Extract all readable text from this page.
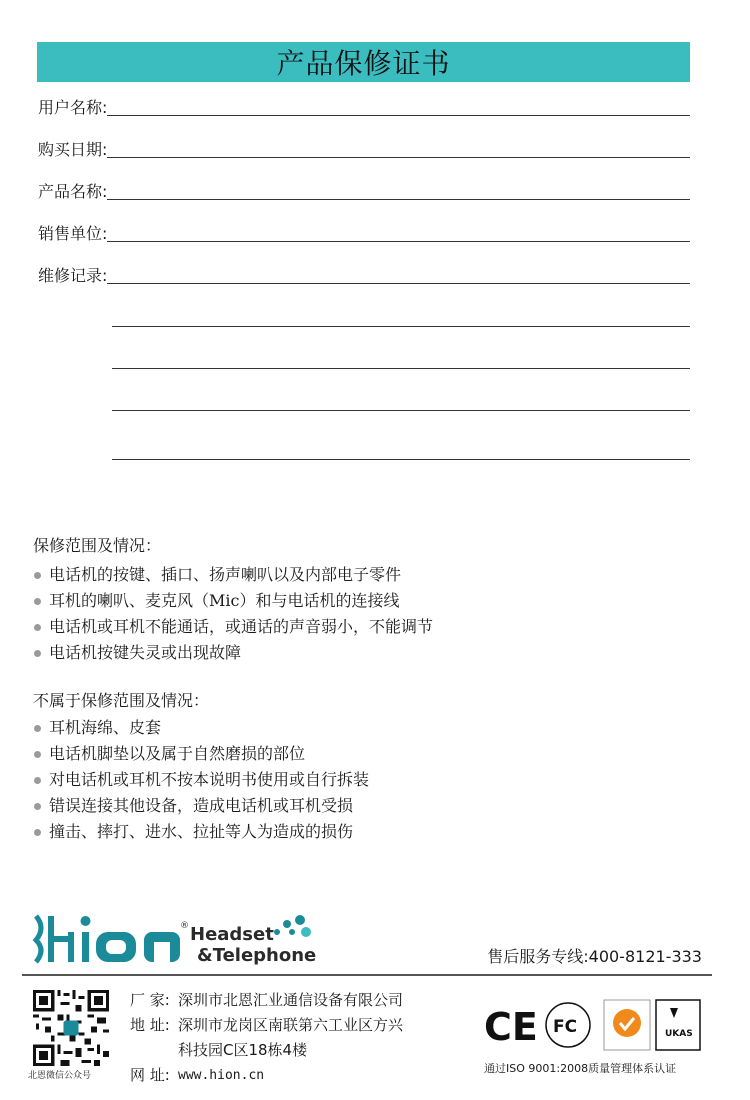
产品保修证书
用户名称:
购买日期:
产品名称:
销售单位:
维修记录:
保修范围及情况：
电话机的按键、插口、扬声喇叭以及内部电子零件
耳机的喇叭、麦克风（Mic）和与电话机的连接线
电话机或耳机不能通话，或通话的声音弱小，不能调节
电话机按键失灵或出现故障
不属于保修范围及情况：
耳机海绵、皮套
电话机脚垫以及属于自然磨损的部位
对电话机或耳机不按本说明书使用或自行拆装
错误连接其他设备，造成电话机或耳机受损
撞击、摔打、进水、拉扯等人为造成的损伤
® Headset
&Telephone	售后服务专线:400-8121-333
北恩微信公众号
厂 家: 深圳市北恩汇业通信设备有限公司
地 址: 深圳市龙岗区南联第六工业区方兴
科技园C区18栋4楼
网 址: www.hion.cn
CE FC	UKAS
通过ISO 9001:2008质量管理体系认证
